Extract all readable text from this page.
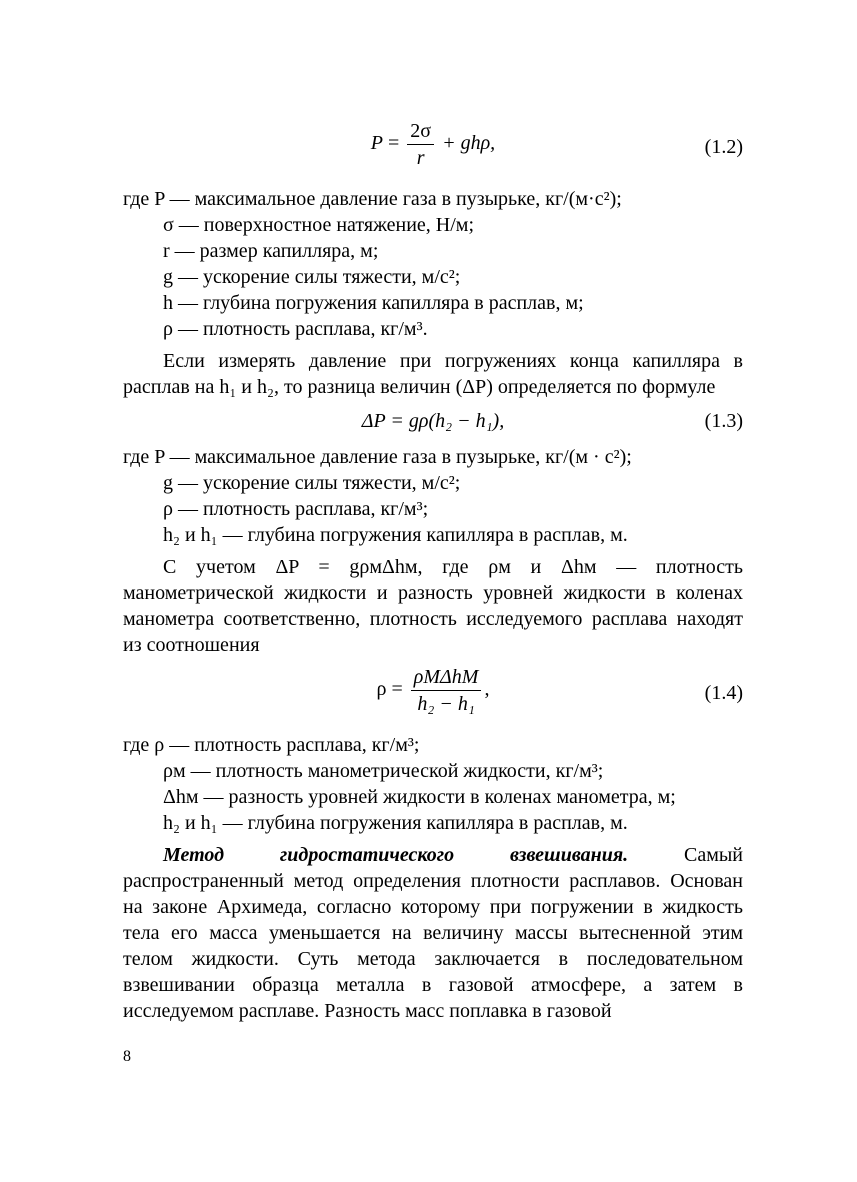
$P = \frac{2\sigma}{r} + gh\rho$,	(1.2)
где P — максимальное давление газа в пузырьке, кг/(м·с²);
σ — поверхностное натяжение, Н/м;
r — размер капилляра, м;
g — ускорение силы тяжести, м/с²;
h — глубина погружения капилляра в расплав, м;
ρ — плотность расплава, кг/м³.
Если измерять давление при погружениях конца капилляра в расплав на h₁ и h₂, то разница величин (ΔP) определяется по формуле
ΔP = gρ(h₂ − h₁),	(1.3)
где P — максимальное давление газа в пузырьке, кг/(м · с²);
g — ускорение силы тяжести, м/с²;
ρ — плотность расплава, кг/м³;
h₂ и h₁ — глубина погружения капилляра в расплав, м.
С учетом ΔP = gρмΔhм, где ρм и Δhм — плотность манометрической жидкости и разность уровней жидкости в коленах манометра соответственно, плотность исследуемого расплава находят из соотношения
$\rho = \frac{\text{ρМΔhМ}}{\text{h₂ − h₁}}$ ,	(1.4)
где ρ — плотность расплава, кг/м³;
ρм — плотность манометрической жидкости, кг/м³;
Δhм — разность уровней жидкости в коленах манометра, м;
h₂ и h₁ — глубина погружения капилляра в расплав, м.
Метод гидростатического взвешивания.	Самый распространенный метод определения плотности расплавов. Основан на законе Архимеда, согласно которому при погружении в жидкость тела его масса уменьшается на величину массы вытесненной этим телом жидкости. Суть метода заключается в последовательном взвешивании образца металла в газовой атмосфере, а затем в исследуемом расплаве. Разность масс поплавка в газовой
8
